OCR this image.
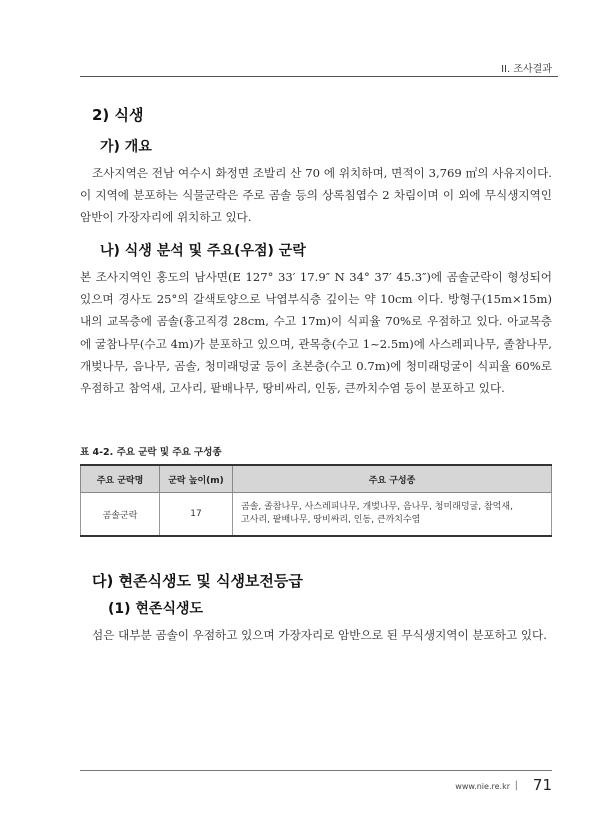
II. 조사결과
2) 식생
가) 개요

조사지역은 전남 여수시 화정면 조발리 산 70 에 위치하며, 면적이 3,769 ㎡의 사유지이다. 이 지역에 분포하는 식물군락은 주로 곰솔 등의 상록침엽수 2 차림이며 이 외에 무식생지역인 암반이 가장자리에 위치하고 있다.

나) 식생 분석 및 주요(우점) 군락

본 조사지역인 홍도의 남사면(E 127° 33′ 17.9″ N 34° 37′ 45.3″)에 곰솔군락이 형성되어 있으며 경사도 25°의 갈색토양으로 낙엽부식층 깊이는 약 10cm 이다. 방형구(15m×15m) 내의 교목층에 곰솔(흉고직경 28cm, 수고 17m)이 식피율 70%로 우점하고 있다. 아교목층에 굴참나무(수고 4m)가 분포하고 있으며, 관목층(수고 1~2.5m)에 사스레피나무, 졸참나무, 개벚나무, 음나무, 곰솔, 청미래덩굴 등이 초본층(수고 0.7m)에 청미래덩굴이 식피율 60%로 우점하고 참억새, 고사리, 팥배나무, 땅비싸리, 인동, 큰까치수염 등이 분포하고 있다.

표 4-2. 주요 군락 및 주요 구성종
주요 군락명	군락 높이(m)	주요 구성종
곰솔군락	17	곰솔, 졸참나무, 사스레피나무, 개벚나무, 음나무, 청미래덩굴, 참억새,
고사리, 팥배나무, 땅비싸리, 인동, 큰까치수염
다) 현존식생도 및 식생보전등급
(1) 현존식생도

섬은 대부분 곰솔이 우점하고 있으며 가장자리로 암반으로 된 무식생지역이 분포하고 있다.

www.nie.re.kr | 71
